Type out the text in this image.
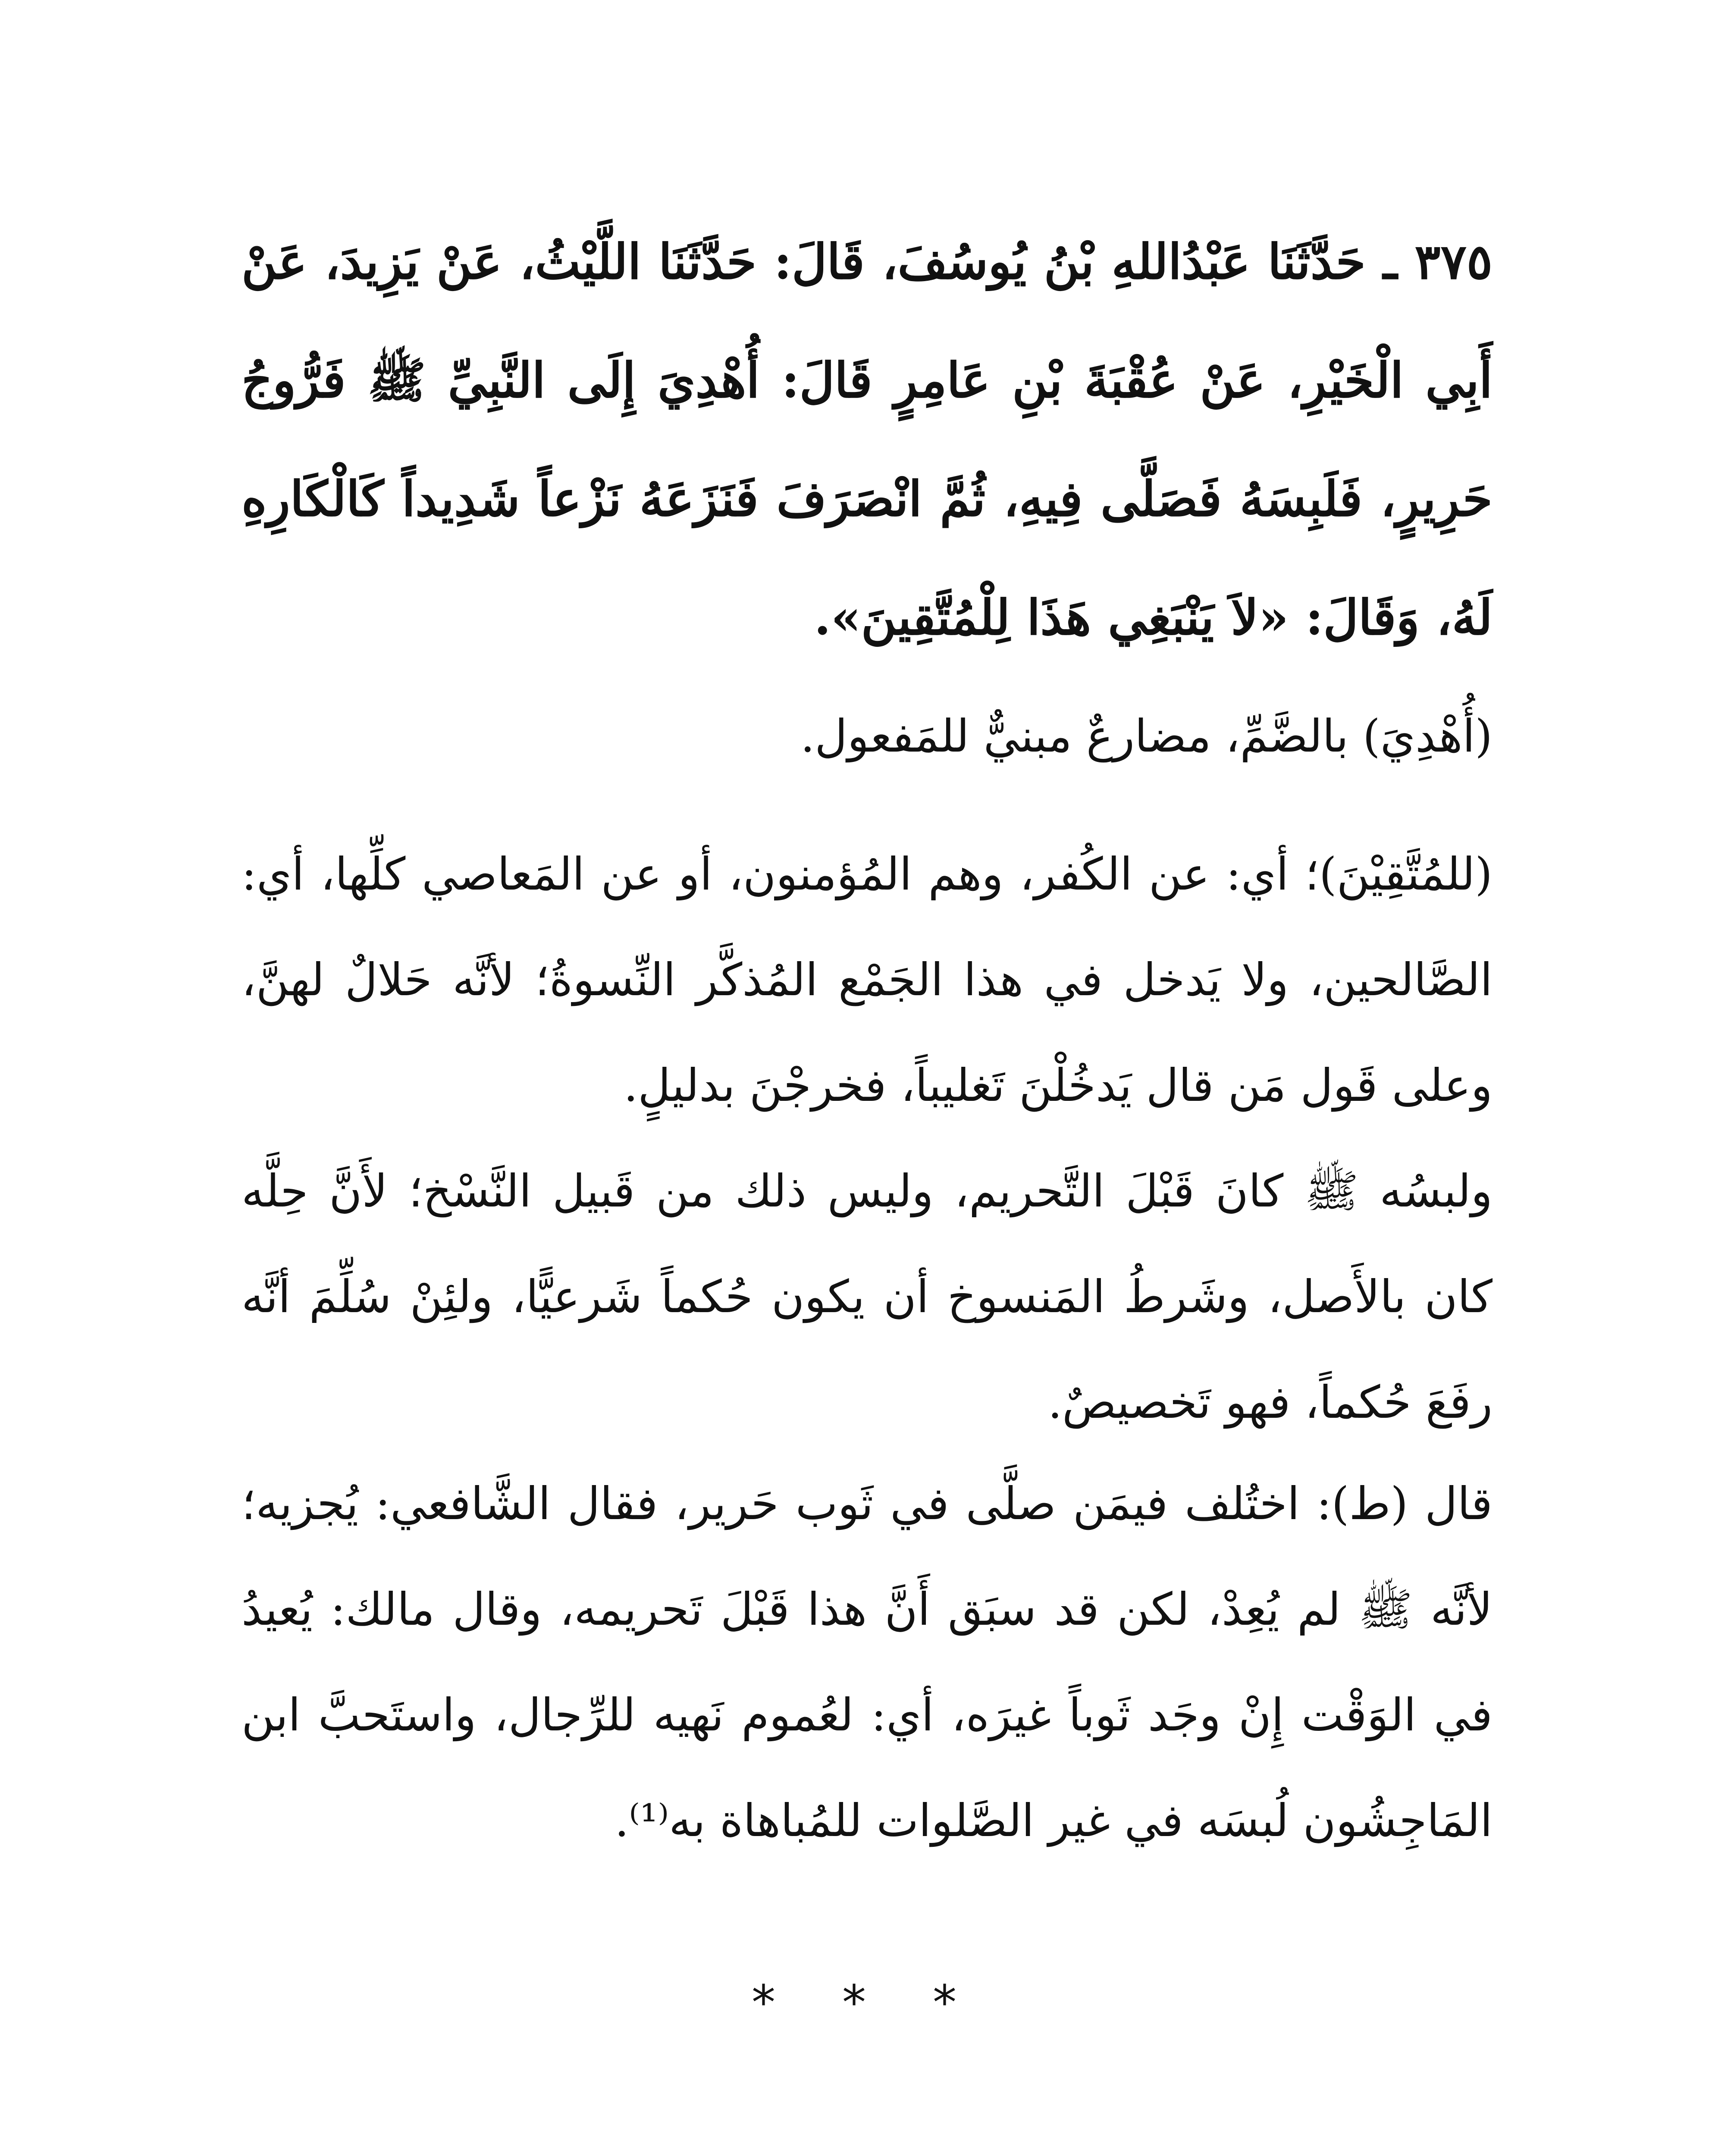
٣٧٥ ـ حَدَّثَنَا عَبْدُاللهِ بْنُ يُوسُفَ، قَالَ: حَدَّثَنَا اللَّيْثُ، عَنْ يَزِيدَ، عَنْ أَبِي الْخَيْرِ، عَنْ عُقْبَةَ بْنِ عَامِرٍ قَالَ: أُهْدِيَ إِلَى النَّبِيِّ ﷺ فَرُّوجُ حَرِيرٍ، فَلَبِسَهُ فَصَلَّى فِيهِ، ثُمَّ انْصَرَفَ فَنَزَعَهُ نَزْعاً شَدِيداً كَالْكَارِهِ لَهُ، وَقَالَ: «لاَ يَنْبَغِي هَذَا لِلْمُتَّقِينَ».

(أُهْدِيَ) بالضَّمِّ، مضارعٌ مبنيٌّ للمَفعول.

(للمُتَّقِيْنَ)؛ أي: عن الكُفر، وهم المُؤمنون، أو عن المَعاصي كلِّها، أي: الصَّالحين، ولا يَدخل في هذا الجَمْع المُذكَّر النِّسوةُ؛ لأنَّه حَلالٌ لهنَّ، وعلى قَول مَن قال يَدخُلْنَ تَغليباً، فخرجْنَ بدليلٍ.

ولبسُه ﷺ كانَ قَبْلَ التَّحريم، وليس ذلك من قَبيل النَّسْخ؛ لأَنَّ حِلَّه كان بالأَصل، وشَرطُ المَنسوخ أن يكون حُكماً شَرعيًّا، ولئِنْ سُلِّمَ أنَّه رفَعَ حُكماً، فهو تَخصيصٌ.

قال (ط): اختُلف فيمَن صلَّى في ثَوب حَرير، فقال الشَّافعي: يُجزيه؛ لأنَّه ﷺ لم يُعِدْ، لكن قد سبَق أَنَّ هذا قَبْلَ تَحريمه، وقال مالك: يُعيدُ في الوَقْت إِنْ وجَد ثَوباً غيرَه، أي: لعُموم نَهيه للرِّجال، واستَحبَّ ابن المَاجِشُون لُبسَه في غير الصَّلوات للمُباهاة به⁽¹⁾.

* * *
